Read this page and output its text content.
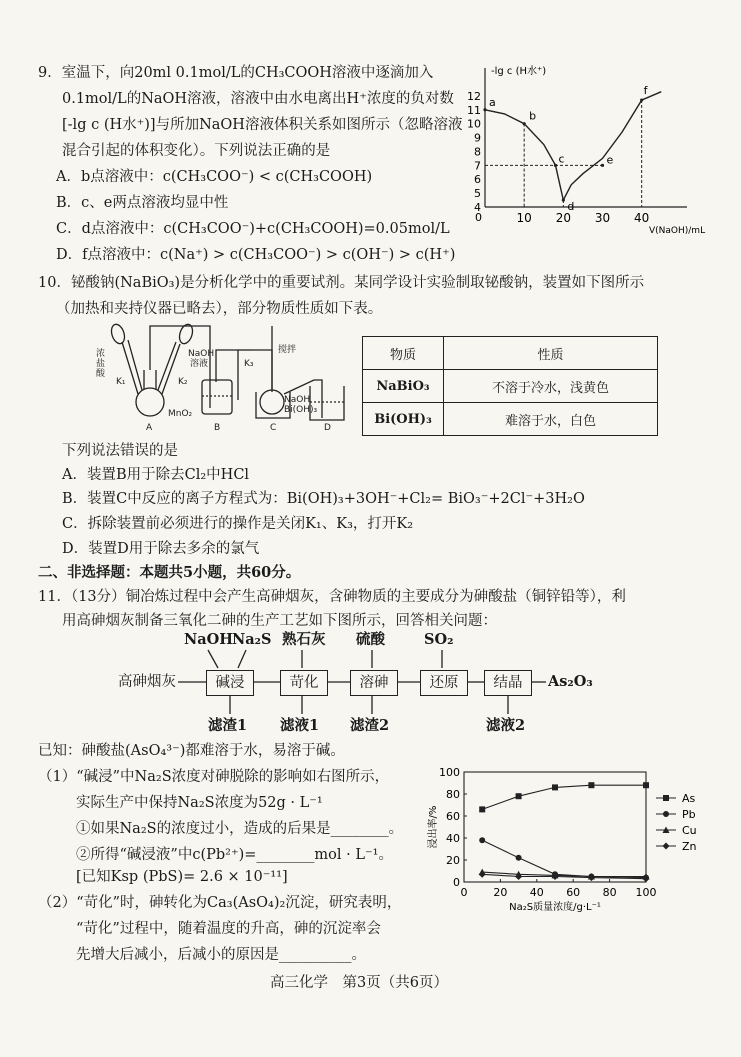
9．室温下，向20ml 0.1mol/L的CH₃COOH溶液中逐滴加入
0.1mol/L的NaOH溶液，溶液中由水电离出H⁺浓度的负对数
[-lg c (H水⁺)]与所加NaOH溶液体积关系如图所示（忽略溶液
混合引起的体积变化）。下列说法正确的是
A．b点溶液中：c(CH₃COO⁻) < c(CH₃COOH)
B．c、e两点溶液均显中性
C．d点溶液中：c(CH₃COO⁻)+c(CH₃COOH)=0.05mol/L
D．f点溶液中：c(Na⁺) > c(CH₃COO⁻) > c(OH⁻) > c(H⁺)
-lg c (H水⁺)
V(NaOH)/mL
0	10 20 30 40
4
5
6
7
8
9
10
11
12 a
b
c
d
e
f
10．铋酸钠(NaBiO₃)是分析化学中的重要试剂。某同学设计实验制取铋酸钠，装置如下图所示
（加热和夹持仪器已略去），部分物质性质如下表。
浓
盐
酸
K₁	K₂
NaOH
溶液	K₃
搅拌
MnO₂
A	B	C	D
NaOH
Bi(OH)₃
物质	性质
NaBiO₃	不溶于冷水，浅黄色
Bi(OH)₃	难溶于水，白色
下列说法错误的是
A．装置B用于除去Cl₂中HCl
B．装置C中反应的离子方程式为：Bi(OH)₃+3OH⁻+Cl₂= BiO₃⁻+2Cl⁻+3H₂O
C．拆除装置前必须进行的操作是关闭K₁、K₃，打开K₂
D．装置D用于除去多余的氯气
二、非选择题：本题共5小题，共60分。
11．（13分）铜冶炼过程中会产生高砷烟灰，含砷物质的主要成分为砷酸盐（铜锌铅等），利
用高砷烟灰制备三氧化二砷的生产工艺如下图所示，回答相关问题：
高砷烟灰	碱浸	苛化	溶砷	还原	结晶	As₂O₃
NaOH Na₂S 熟石灰 硫酸	SO₂
滤渣1 滤液1 滤渣2	滤液2
已知：砷酸盐(AsO₄³⁻)都难溶于水，易溶于碱。
（1）“碱浸”中Na₂S浓度对砷脱除的影响如右图所示，
实际生产中保持Na₂S浓度为52g · L⁻¹
①如果Na₂S的浓度过小，造成的后果是________。
②所得“碱浸液”中c(Pb²⁺)=________mol · L⁻¹。
[已知Ksp (PbS)= 2.6 × 10⁻¹¹]
（2）“苛化”时，砷转化为Ca₃(AsO₄)₂沉淀，研究表明，
“苛化”过程中，随着温度的升高，砷的沉淀率会
先增大后减小，后减小的原因是__________。
0 20 40 60 80 100
0
20
40
60
80
100
浸出率/%
Na₂S质量浓度/g·L⁻¹
As
Pb
Cu
Zn
高三化学　第3页（共6页）
